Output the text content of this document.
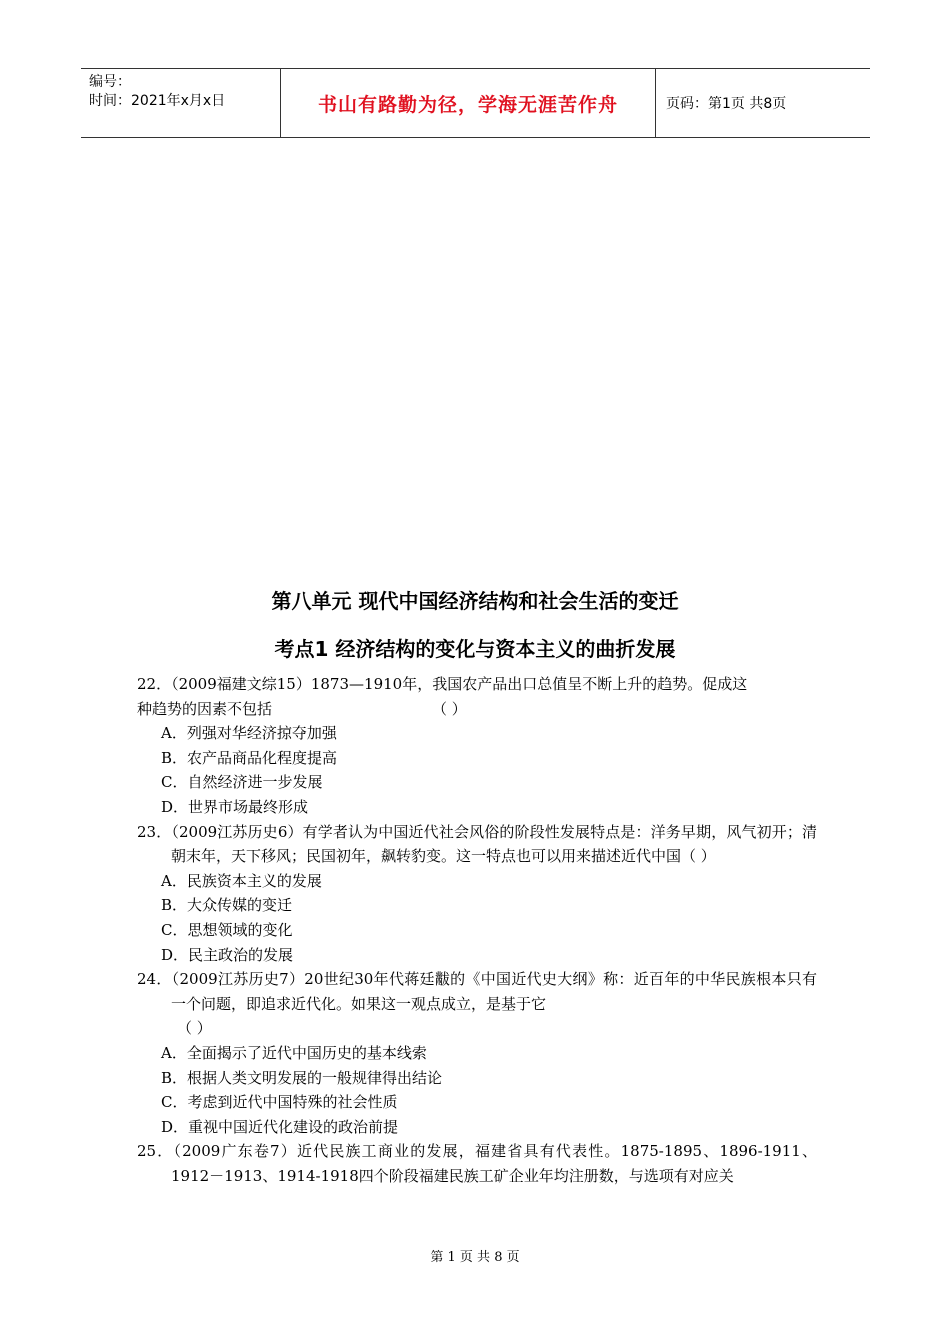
编号：
时间：2021年x月x日	书山有路勤为径，学海无涯苦作舟	页码：第1页 共8页
第八单元 现代中国经济结构和社会生活的变迁
考点1 经济结构的变化与资本主义的曲折发展

22．（2009福建文综15）1873—1910年，我国农产品出口总值呈不断上升的趋势。促成这

种趋势的因素不包括	（ ）

A．列强对华经济掠夺加强

B．农产品商品化程度提高

C．自然经济进一步发展

D．世界市场最终形成

23．（2009江苏历史6）有学者认为中国近代社会风俗的阶段性发展特点是：洋务早期，风气初开；清朝末年，天下移风；民国初年，飙转豹变。这一特点也可以用来描述近代中国（ ）

A．民族资本主义的发展

B．大众传媒的变迁

C．思想领域的变化

D．民主政治的发展

24．（2009江苏历史7）20世纪30年代蒋廷黻的《中国近代史大纲》称：近百年的中华民族根本只有一个问题，即追求近代化。如果这一观点成立，是基于它

（ ）

A．全面揭示了近代中国历史的基本线索

B．根据人类文明发展的一般规律得出结论

C．考虑到近代中国特殊的社会性质

D．重视中国近代化建设的政治前提

25．（2009广东卷7）近代民族工商业的发展，福建省具有代表性。1875-1895、1896-1911、1912－1913、1914-1918四个阶段福建民族工矿企业年均注册数，与选项有对应关

第 1 页 共 8 页
